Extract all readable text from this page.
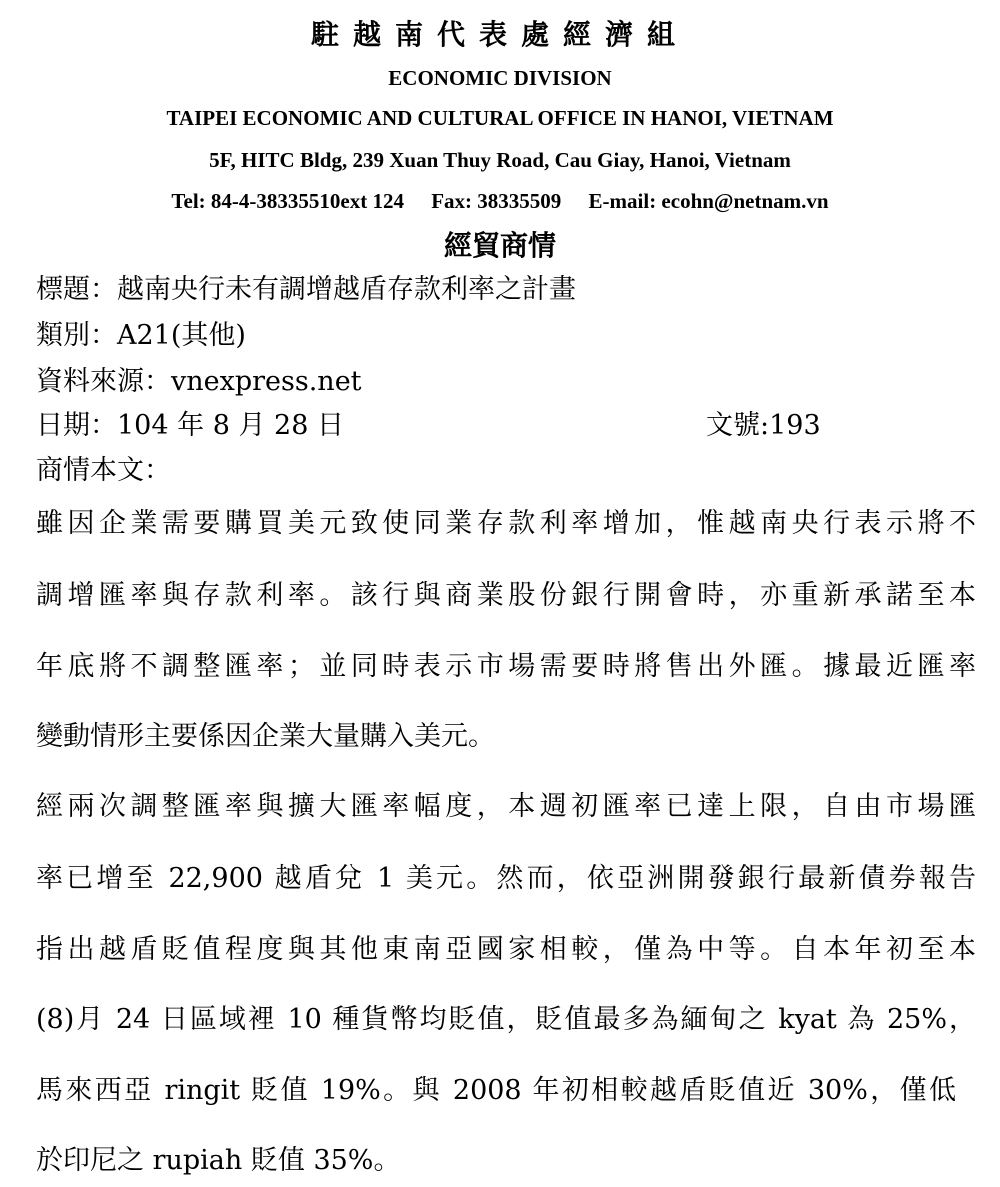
駐越南代表處經濟組
ECONOMIC DIVISION
TAIPEI ECONOMIC AND CULTURAL OFFICE IN HANOI, VIETNAM
5F, HITC Bldg, 239 Xuan Thuy Road, Cau Giay, Hanoi, Vietnam
Tel: 84-4-38335510ext 124 Fax: 38335509 E-mail: ecohn@netnam.vn
經貿商情
標題：越南央行未有調增越盾存款利率之計畫
類別：A21(其他)
資料來源：vnexpress.net
日期：104 年 8 月 28 日	文號:193
商情本文：
雖因企業需要購買美元致使同業存款利率增加，惟越南央行表示將不
調增匯率與存款利率。該行與商業股份銀行開會時，亦重新承諾至本
年底將不調整匯率；並同時表示市場需要時將售出外匯。據最近匯率
變動情形主要係因企業大量購入美元。
經兩次調整匯率與擴大匯率幅度，本週初匯率已達上限，自由市場匯
率已增至 22,900 越盾兌 1 美元。然而，依亞洲開發銀行最新債券報告
指出越盾貶值程度與其他東南亞國家相較，僅為中等。自本年初至本
(8)月 24 日區域裡 10 種貨幣均貶值，貶值最多為緬甸之 kyat 為 25%，
馬來西亞 ringit 貶值 19%。與 2008 年初相較越盾貶值近 30%，僅低
於印尼之 rupiah 貶值 35%。
